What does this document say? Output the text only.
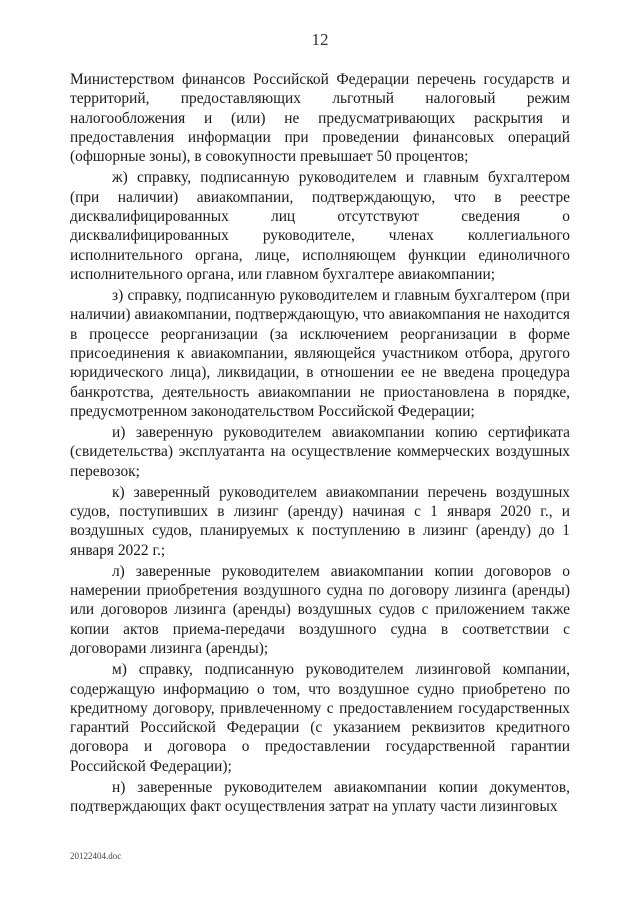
12

Министерством финансов Российской Федерации перечень государств и территорий, предоставляющих льготный налоговый режим налогообложения и (или) не предусматривающих раскрытия и предоставления информации при проведении финансовых операций (офшорные зоны), в совокупности превышает 50 процентов;

ж) справку, подписанную руководителем и главным бухгалтером (при наличии) авиакомпании, подтверждающую, что в реестре дисквалифицированных лиц отсутствуют сведения о дисквалифицированных руководителе, членах коллегиального исполнительного органа, лице, исполняющем функции единоличного исполнительного органа, или главном бухгалтере авиакомпании;

з) справку, подписанную руководителем и главным бухгалтером (при наличии) авиакомпании, подтверждающую, что авиакомпания не находится в процессе реорганизации (за исключением реорганизации в форме присоединения к авиакомпании, являющейся участником отбора, другого юридического лица), ликвидации, в отношении ее не введена процедура банкротства, деятельность авиакомпании не приостановлена в порядке, предусмотренном законодательством Российской Федерации;

и) заверенную руководителем авиакомпании копию сертификата (свидетельства) эксплуатанта на осуществление коммерческих воздушных перевозок;

к) заверенный руководителем авиакомпании перечень воздушных судов, поступивших в лизинг (аренду) начиная с 1 января 2020 г., и воздушных судов, планируемых к поступлению в лизинг (аренду) до 1 января 2022 г.;

л) заверенные руководителем авиакомпании копии договоров о намерении приобретения воздушного судна по договору лизинга (аренды) или договоров лизинга (аренды) воздушных судов с приложением также копии актов приема-передачи воздушного судна в соответствии с договорами лизинга (аренды);

м) справку, подписанную руководителем лизинговой компании, содержащую информацию о том, что воздушное судно приобретено по кредитному договору, привлеченному с предоставлением государственных гарантий Российской Федерации (с указанием реквизитов кредитного договора и договора о предоставлении государственной гарантии Российской Федерации);

н) заверенные руководителем авиакомпании копии документов, подтверждающих факт осуществления затрат на уплату части лизинговых

20122404.doc
